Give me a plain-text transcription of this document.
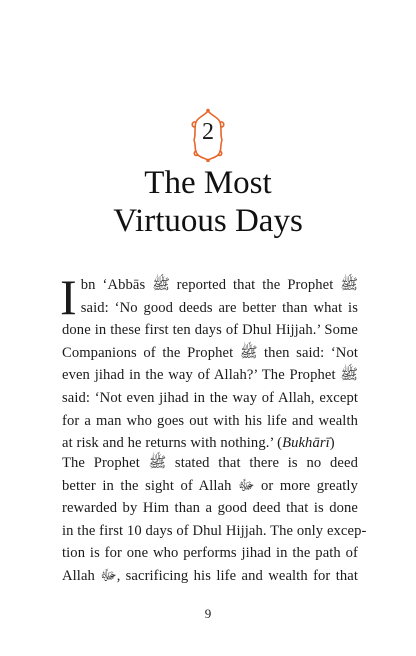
2
The Most
Virtuous Days
I bn ‘Abbās ﷺ reported that the Prophet ﷺ
said: ‘No good deeds are better than what is
done in these first ten days of Dhul Hijjah.’ Some
Companions of the Prophet ﷺ then said: ‘Not
even jihad in the way of Allah?’ The Prophet ﷺ
said: ‘Not even jihad in the way of Allah, except
for a man who goes out with his life and wealth
at risk and he returns with nothing.’ (Bukhārī)
The Prophet ﷺ stated that there is no deed
better in the sight of Allah ﷻ or more greatly
rewarded by Him than a good deed that is done
in the first 10 days of Dhul Hijjah. The only excep-
tion is for one who performs jihad in the path of
Allah ﷻ, sacrificing his life and wealth for that
9
